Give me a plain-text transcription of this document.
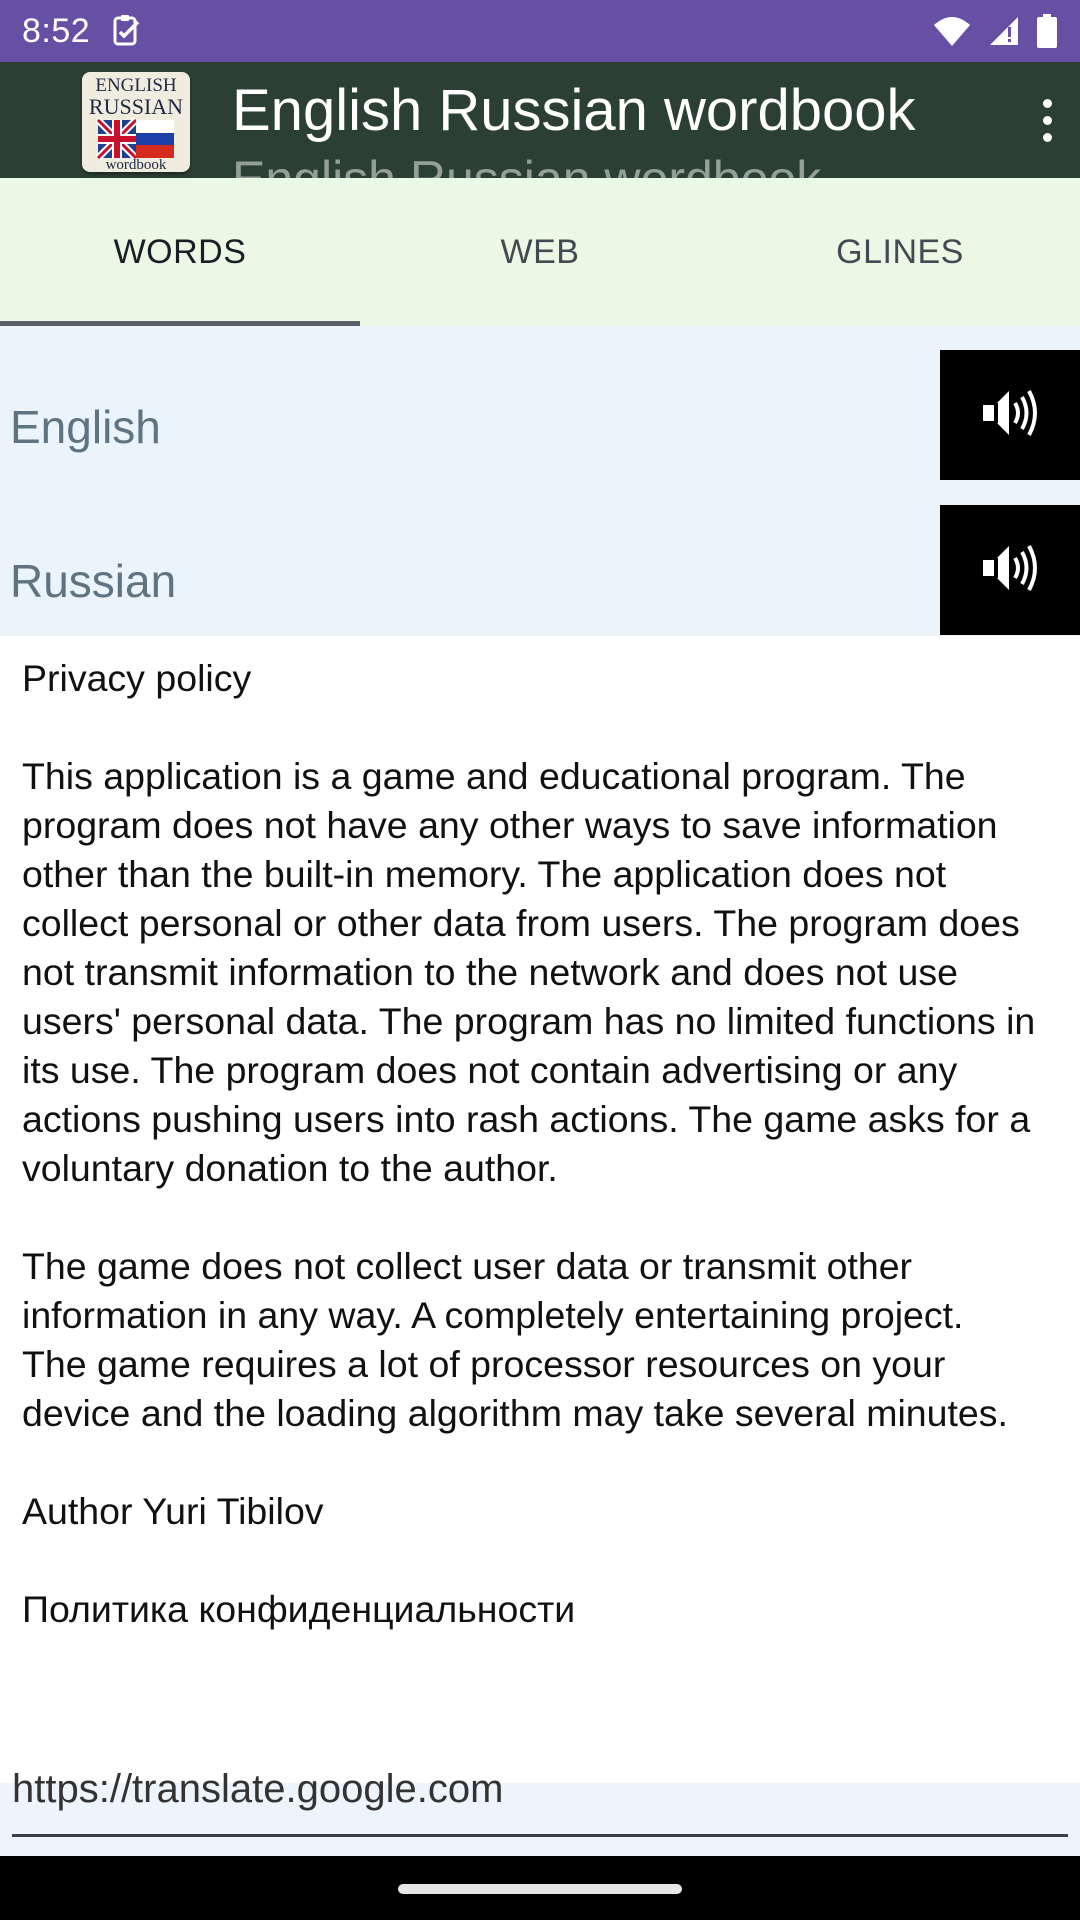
8:52
ENGLISH
RUSSIAN
wordbook
English Russian wordbook
WORDS	WEB	GLINES
English
Russian
Privacy policy

This application is a game and educational program. The program does not have any other ways to save information other than the built-in memory. The application does not collect personal or other data from users. The program does not transmit information to the network and does not use users' personal data. The program has no limited functions in its use. The program does not contain advertising or any actions pushing users into rash actions. The game asks for a voluntary donation to the author.

The game does not collect user data or transmit other information in any way. A completely entertaining project.
The game requires a lot of processor resources on your device and the loading algorithm may take several minutes.

Author Yuri Tibilov

Политика конфиденциальности
https://translate.google.com
